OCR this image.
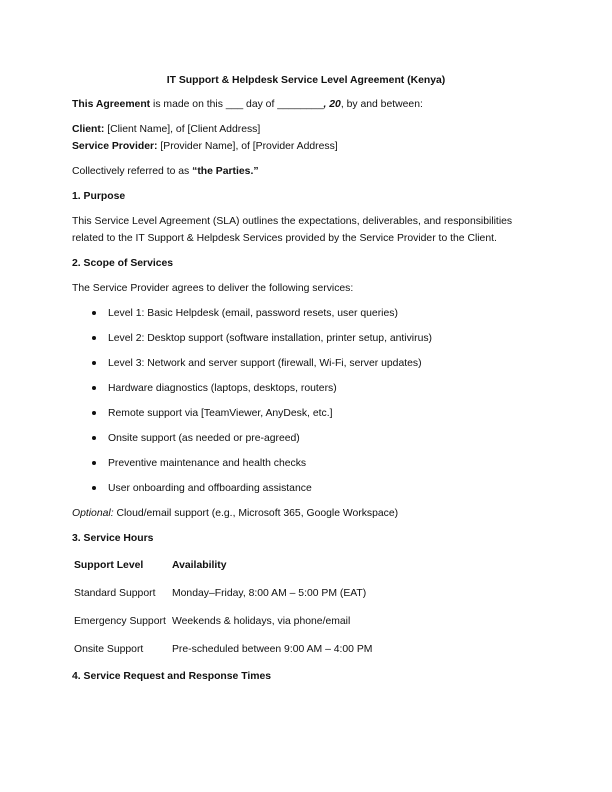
IT Support & Helpdesk Service Level Agreement (Kenya)
This Agreement is made on this ___ day of ________, 20, by and between:
Client: [Client Name], of [Client Address]
Service Provider: [Provider Name], of [Provider Address]
Collectively referred to as “the Parties.”
1. Purpose
This Service Level Agreement (SLA) outlines the expectations, deliverables, and responsibilities
related to the IT Support & Helpdesk Services provided by the Service Provider to the Client.
2. Scope of Services
The Service Provider agrees to deliver the following services:
Level 1: Basic Helpdesk (email, password resets, user queries)
Level 2: Desktop support (software installation, printer setup, antivirus)
Level 3: Network and server support (firewall, Wi-Fi, server updates)
Hardware diagnostics (laptops, desktops, routers)
Remote support via [TeamViewer, AnyDesk, etc.]
Onsite support (as needed or pre-agreed)
Preventive maintenance and health checks
User onboarding and offboarding assistance
Optional: Cloud/email support (e.g., Microsoft 365, Google Workspace)
3. Service Hours
Support Level	Availability
Standard Support Monday–Friday, 8:00 AM – 5:00 PM (EAT)
Emergency Support Weekends & holidays, via phone/email
Onsite Support	Pre-scheduled between 9:00 AM – 4:00 PM
4. Service Request and Response Times
